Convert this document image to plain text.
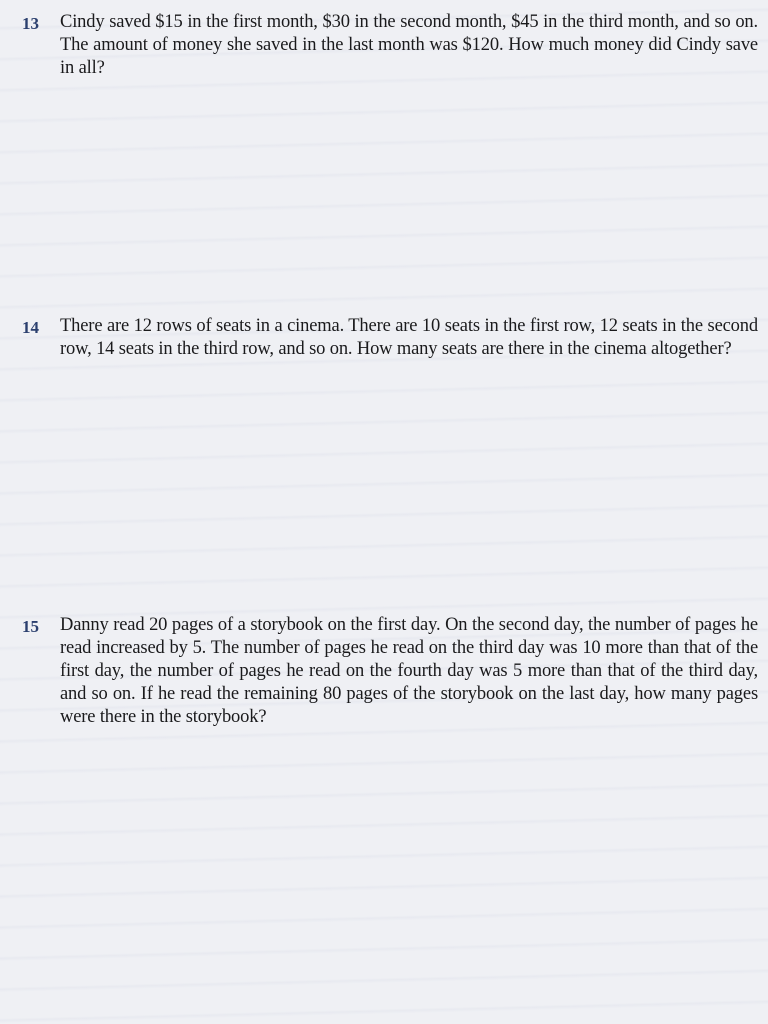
13	Cindy saved $15 in the first month, $30 in the second month, $45 in the third month, and so on. The amount of money she saved in the last month was $120. How much money did Cindy save in all?
14	There are 12 rows of seats in a cinema. There are 10 seats in the first row, 12 seats in the second row, 14 seats in the third row, and so on. How many seats are there in the cinema altogether?
15	Danny read 20 pages of a storybook on the first day. On the second day, the number of pages he read increased by 5. The number of pages he read on the third day was 10 more than that of the first day, the number of pages he read on the fourth day was 5 more than that of the third day, and so on. If he read the remaining 80 pages of the storybook on the last day, how many pages were there in the storybook?
